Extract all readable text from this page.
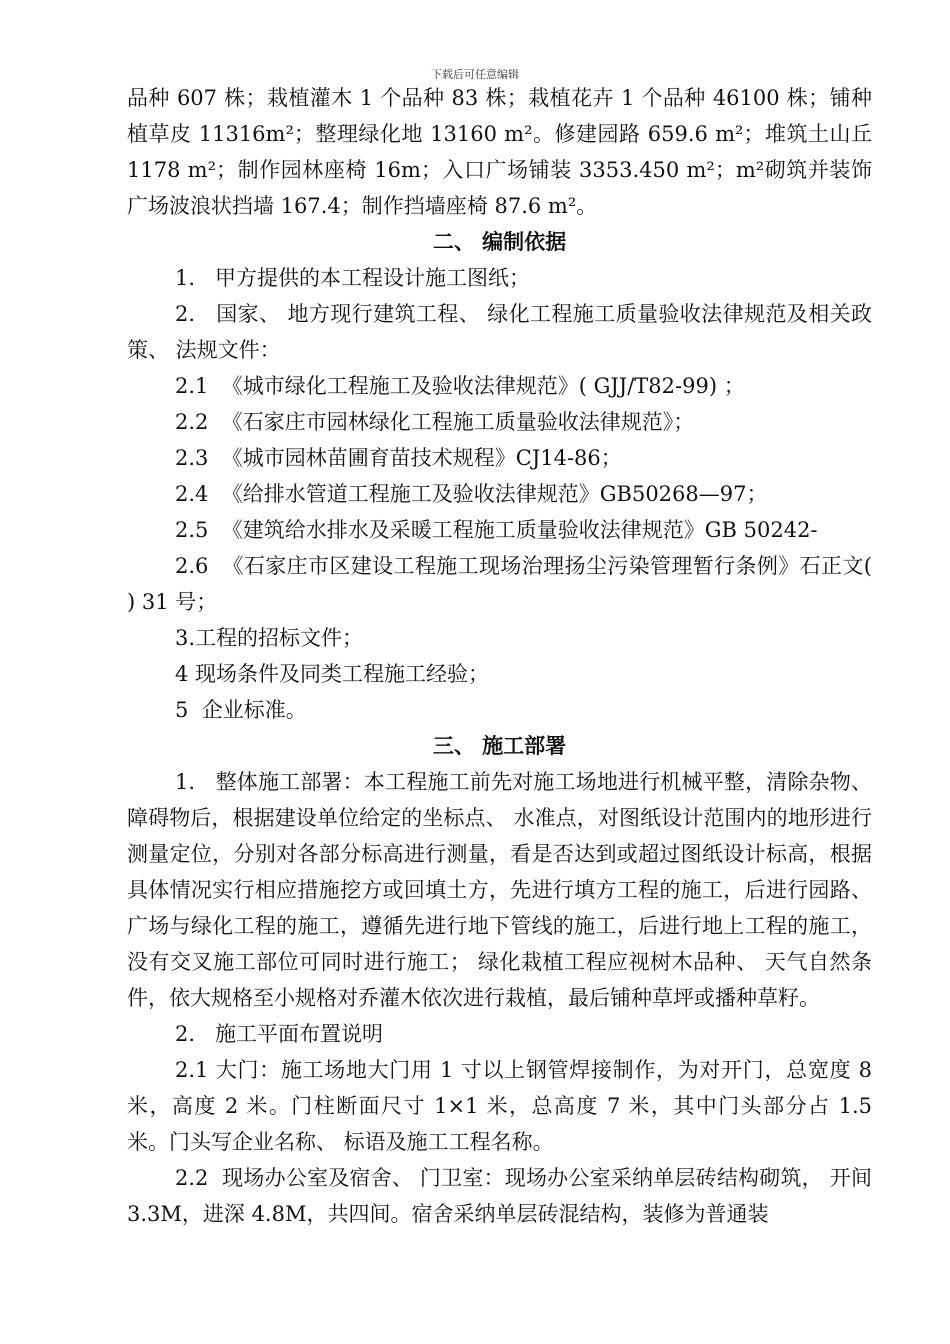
下载后可任意编辑

品种 607 株；栽植灌木 1 个品种 83 株；栽植花卉 1 个品种 46100 株；铺种植草皮 11316m²；整理绿化地 13160 m²。修建园路 659.6 m²；堆筑土山丘 1178 m²；制作园林座椅 16m；入口广场铺装 3353.450 m²；m²砌筑并装饰广场波浪状挡墙 167.4；制作挡墙座椅 87.6 m²。

二、 编制依据

1.   甲方提供的本工程设计施工图纸；

2.   国家、 地方现行建筑工程、 绿化工程施工质量验收法律规范及相关政策、 法规文件：

2.1  《城市绿化工程施工及验收法律规范》( GJJ/T82-99) ；

2.2  《石家庄市园林绿化工程施工质量验收法律规范》；

2.3  《城市园林苗圃育苗技术规程》CJ14-86；

2.4  《给排水管道工程施工及验收法律规范》GB50268—97；

2.5  《建筑给水排水及采暖工程施工质量验收法律规范》GB 50242-

2.6  《石家庄市区建设工程施工现场治理扬尘污染管理暂行条例》石正文(  ) 31 号；

3.工程的招标文件；

4 现场条件及同类工程施工经验；

5  企业标准。

三、 施工部署

1.   整体施工部署：本工程施工前先对施工场地进行机械平整，清除杂物、 障碍物后，根据建设单位给定的坐标点、 水准点，对图纸设计范围内的地形进行测量定位，分别对各部分标高进行测量，看是否达到或超过图纸设计标高，根据具体情况实行相应措施挖方或回填土方，先进行填方工程的施工，后进行园路、 广场与绿化工程的施工，遵循先进行地下管线的施工，后进行地上工程的施工，没有交叉施工部位可同时进行施工； 绿化栽植工程应视树木品种、 天气自然条件，依大规格至小规格对乔灌木依次进行栽植，最后铺种草坪或播种草籽。

2.   施工平面布置说明

2.1 大门：施工场地大门用 1 寸以上钢管焊接制作，为对开门，总宽度 8 米，高度 2 米。门柱断面尺寸 1×1 米，总高度 7 米，其中门头部分占 1.5 米。门头写企业名称、 标语及施工工程名称。

2.2  现场办公室及宿舍、 门卫室：现场办公室采纳单层砖结构砌筑， 开间 3.3M，进深 4.8M，共四间。宿舍采纳单层砖混结构，装修为普通装
